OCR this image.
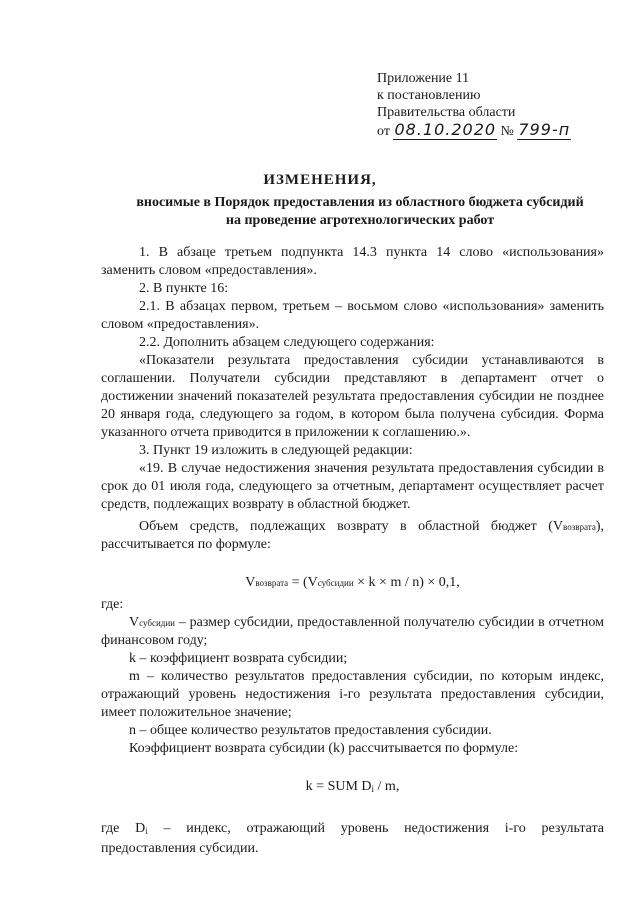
Приложение 11
к постановлению
Правительства области
от 08.10.2020 № 799-п
ИЗМЕНЕНИЯ,
вносимые в Порядок предоставления из областного бюджета субсидий
на проведение агротехнологических работ

1. В абзаце третьем подпункта 14.3 пункта 14 слово «использования» заменить словом «предоставления».

2. В пункте 16:

2.1. В абзацах первом, третьем – восьмом слово «использования» заменить словом «предоставления».

2.2. Дополнить абзацем следующего содержания:

«Показатели результата предоставления субсидии устанавливаются в соглашении. Получатели субсидии представляют в департамент отчет о достижении значений показателей результата предоставления субсидии не позднее 20 января года, следующего за годом, в котором была получена субсидия. Форма указанного отчета приводится в приложении к соглашению.».

3. Пункт 19 изложить в следующей редакции:

«19. В случае недостижения значения результата предоставления субсидии в срок до 01 июля года, следующего за отчетным, департамент осуществляет расчет средств, подлежащих возврату в областной бюджет.

Объем средств, подлежащих возврату в областной бюджет (Vвозврата), рассчитывается по формуле:

Vвозврата = (Vсубсидии × k × m / n) × 0,1,

где:

Vсубсидии – размер субсидии, предоставленной получателю субсидии в отчетном финансовом году;

k – коэффициент возврата субсидии;

m – количество результатов предоставления субсидии, по которым индекс, отражающий уровень недостижения i-го результата предоставления субсидии, имеет положительное значение;

n – общее количество результатов предоставления субсидии.

Коэффициент возврата субсидии (k) рассчитывается по формуле:

k = SUM Di / m,

где Di – индекс, отражающий уровень недостижения i-го результата предоставления субсидии.
